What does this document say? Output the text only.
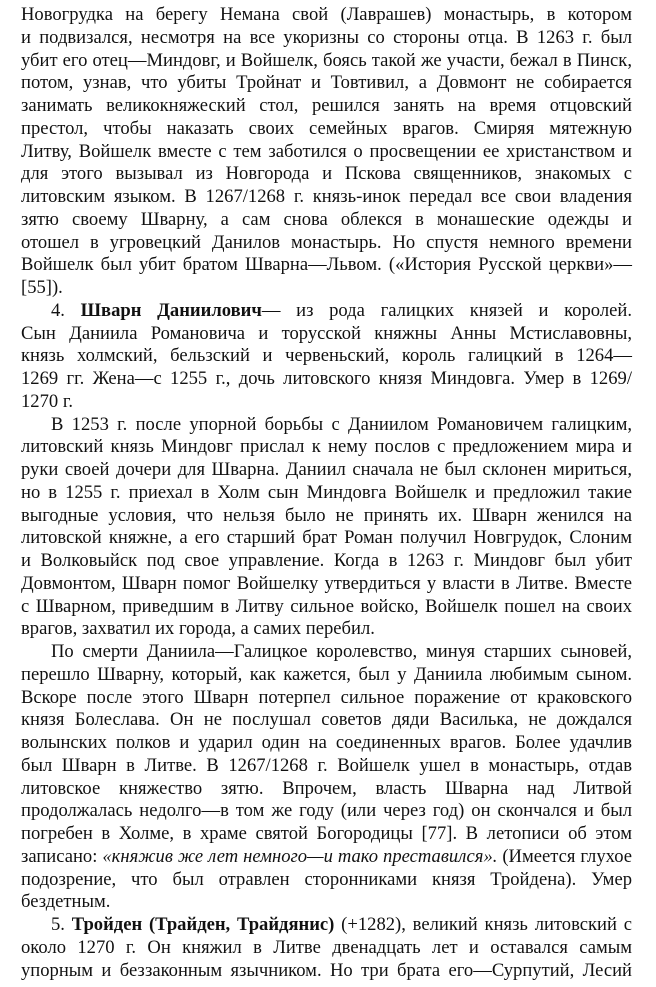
Новогрудка на берегу Немана свой (Лаврашев) монастырь, в котором
и подвизался, несмотря на все укоризны со стороны отца. В 1263 г. был
убит его отец—Миндовг, и Войшелк, боясь такой же участи, бежал в Пинск,
потом, узнав, что убиты Тройнат и Товтивил, а Довмонт не собирается
занимать великокняжеский стол, решился занять на время отцовский
престол, чтобы наказать своих семейных врагов. Смиряя мятежную
Литву, Войшелк вместе с тем заботился о просвещении ее христанством и
для этого вызывал из Новгорода и Пскова священников, знакомых с
литовским языком. В 1267/1268 г. князь-инок передал все свои владения
зятю своему Шварну, а сам снова облекся в монашеские одежды и
отошел в угровецкий Данилов монастырь. Но спустя немного времени
Войшелк был убит братом Шварна—Львом. («История Русской церкви»—
[55]).
4. Шварн Даниилович— из рода галицких князей и королей.
Сын Даниила Романовича и торусской княжны Анны Мстиславовны,
князь холмский, бельзский и червеньский, король галицкий в 1264—
1269 гг. Жена—с 1255 г., дочь литовского князя Миндовга. Умер в 1269/
1270 г.
В 1253 г. после упорной борьбы с Даниилом Романовичем галицким,
литовский князь Миндовг прислал к нему послов с предложением мира и
руки своей дочери для Шварна. Даниил сначала не был склонен мириться,
но в 1255 г. приехал в Холм сын Миндовга Войшелк и предложил такие
выгодные условия, что нельзя было не принять их. Шварн женился на
литовской княжне, а его старший брат Роман получил Новгрудок, Слоним
и Волковыйск под свое управление. Когда в 1263 г. Миндовг был убит
Довмонтом, Шварн помог Войшелку утвердиться у власти в Литве. Вместе
с Шварном, приведшим в Литву сильное войско, Войшелк пошел на своих
врагов, захватил их города, а самих перебил.
По смерти Даниила—Галицкое королевство, минуя старших сыновей,
перешло Шварну, который, как кажется, был у Даниила любимым сыном.
Вскоре после этого Шварн потерпел сильное поражение от краковского
князя Болеслава. Он не послушал советов дяди Василька, не дождался
волынских полков и ударил один на соединенных врагов. Более удачлив
был Шварн в Литве. В 1267/1268 г. Войшелк ушел в монастырь, отдав
литовское княжество зятю. Впрочем, власть Шварна над Литвой
продолжалась недолго—в том же году (или через год) он скончался и был
погребен в Холме, в храме святой Богородицы [77]. В летописи об этом
записано: «княжив же лет немного—и тако преставился». (Имеется глухое
подозрение, что был отравлен сторонниками князя Тройдена). Умер
бездетным.
5. Тройден (Трайден, Трайдянис) (+1282), великий князь литовский с
около 1270 г. Он княжил в Литве двенадцать лет и оставался самым
упорным и беззаконным язычником. Но три брата его—Сурпутий, Лесий
